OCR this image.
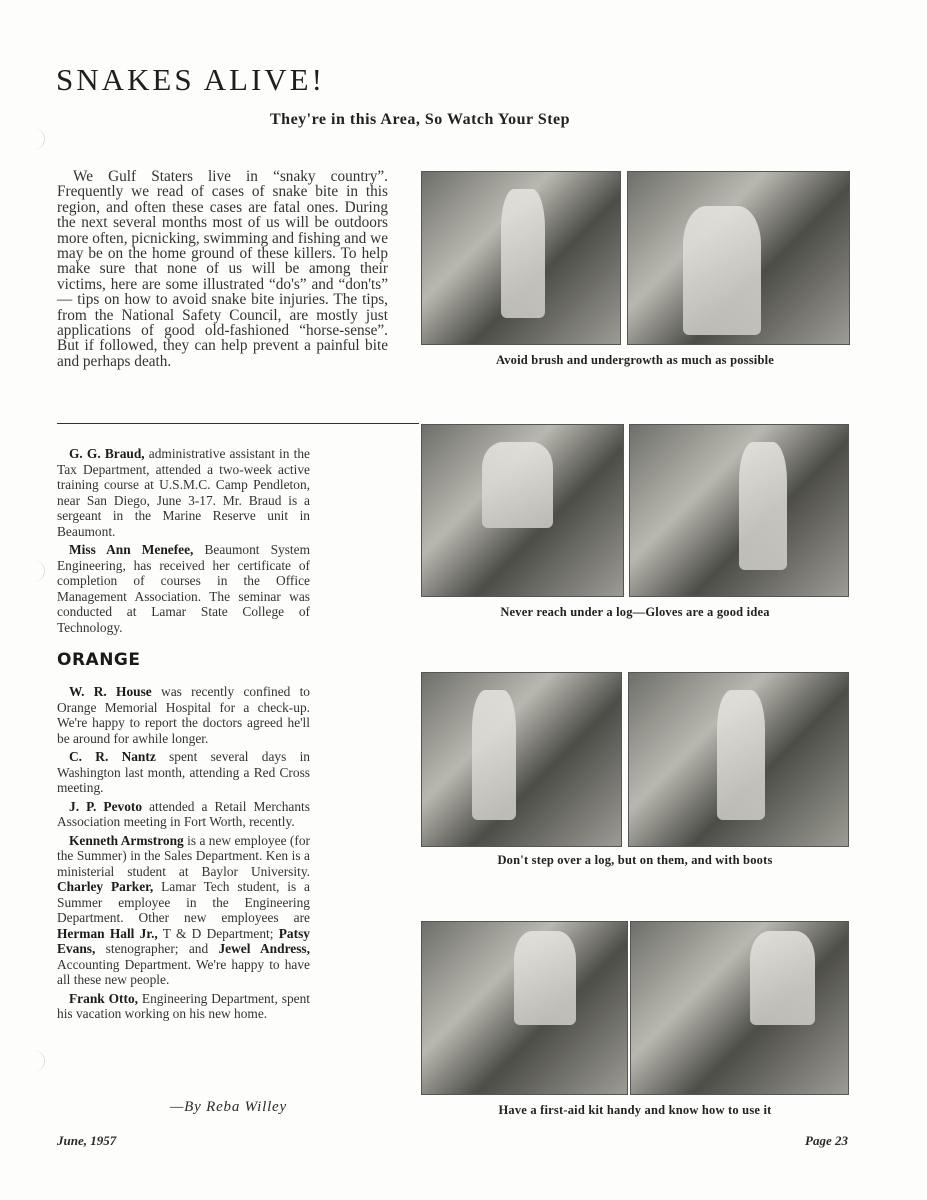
SNAKES ALIVE!
They're in this Area, So Watch Your Step

We Gulf Staters live in “snaky country”. Frequently we read of cases of snake bite in this region, and often these cases are fatal ones. During the next several months most of us will be outdoors more often, picnicking, swimming and fishing and we may be on the home ground of these killers. To help make sure that none of us will be among their victims, here are some illustrated “do's” and “don'ts” — tips on how to avoid snake bite injuries. The tips, from the National Safety Council, are mostly just applications of good old-fashioned “horse-sense”. But if followed, they can help prevent a painful bite and perhaps death.

G. G. Braud, administrative assistant in the Tax Department, attended a two-week active training course at U.S.M.C. Camp Pendleton, near San Diego, June 3-17. Mr. Braud is a sergeant in the Marine Reserve unit in Beaumont.

Miss Ann Menefee, Beaumont System Engineering, has received her certificate of completion of courses in the Office Management Association. The seminar was conducted at Lamar State College of Technology.

ORANGE

W. R. House was recently confined to Orange Memorial Hospital for a check-up. We're happy to report the doctors agreed he'll be around for awhile longer.

C. R. Nantz spent several days in Washington last month, attending a Red Cross meeting.

J. P. Pevoto attended a Retail Merchants Association meeting in Fort Worth, recently.

Kenneth Armstrong is a new employee (for the Summer) in the Sales Department. Ken is a ministerial student at Baylor University. Charley Parker, Lamar Tech student, is a Summer employee in the Engineering Department. Other new employees are Herman Hall Jr., T & D Department; Patsy Evans, stenographer; and Jewel Andress, Accounting Department. We're happy to have all these new people.

Frank Otto, Engineering Department, spent his vacation working on his new home.

—By Reba Willey
Avoid brush and undergrowth as much as possible
Never reach under a log—Gloves are a good idea
Don't step over a log, but on them, and with boots
Have a first-aid kit handy and know how to use it
June, 1957	Page 23
